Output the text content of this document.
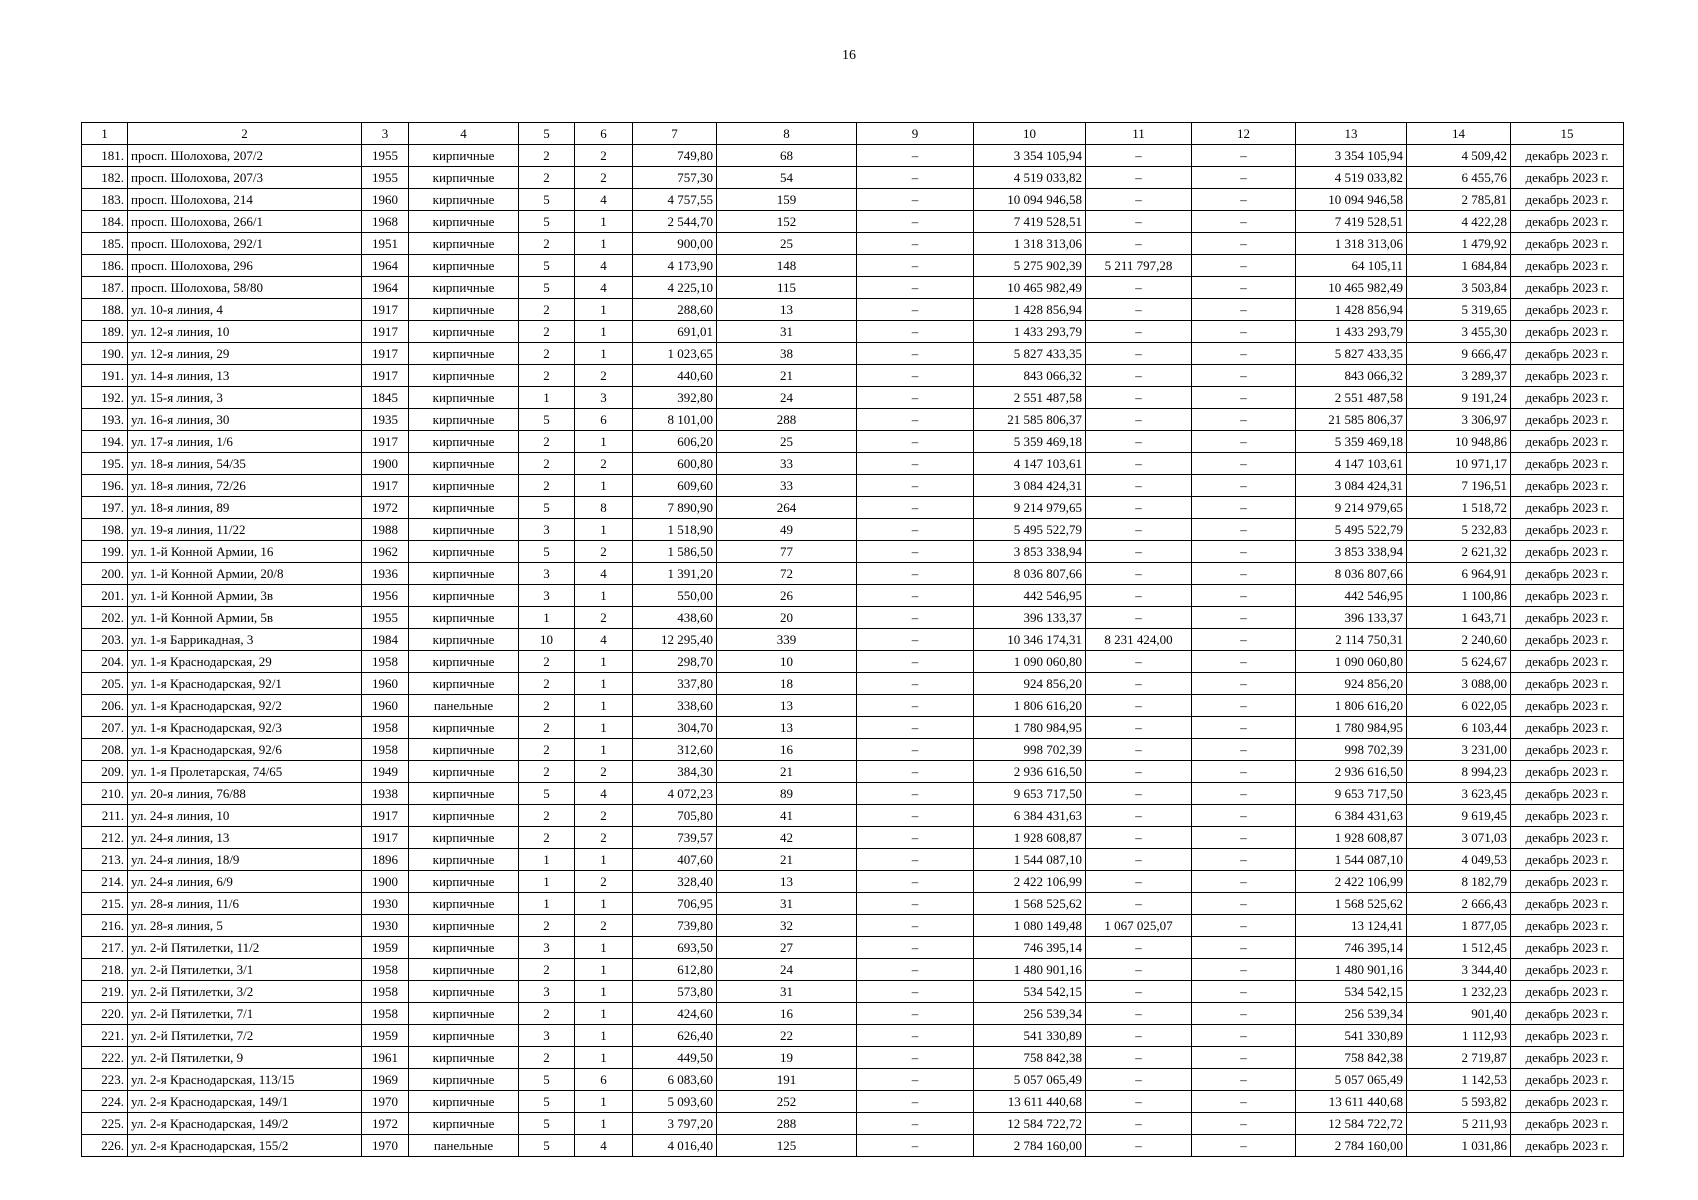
16
1	2	3	4	5	6	7	8	9	10	11	12	13	14	15
181.	просп. Шолохова, 207/2	1955	кирпичные	2	2	749,80	68	–	3 354 105,94	–	–	3 354 105,94	4 509,42	декабрь 2023 г.
182.	просп. Шолохова, 207/3	1955	кирпичные	2	2	757,30	54	–	4 519 033,82	–	–	4 519 033,82	6 455,76	декабрь 2023 г.
183.	просп. Шолохова, 214	1960	кирпичные	5	4	4 757,55	159	–	10 094 946,58	–	–	10 094 946,58	2 785,81	декабрь 2023 г.
184.	просп. Шолохова, 266/1	1968	кирпичные	5	1	2 544,70	152	–	7 419 528,51	–	–	7 419 528,51	4 422,28	декабрь 2023 г.
185.	просп. Шолохова, 292/1	1951	кирпичные	2	1	900,00	25	–	1 318 313,06	–	–	1 318 313,06	1 479,92	декабрь 2023 г.
186.	просп. Шолохова, 296	1964	кирпичные	5	4	4 173,90	148	–	5 275 902,39	5 211 797,28	–	64 105,11	1 684,84	декабрь 2023 г.
187.	просп. Шолохова, 58/80	1964	кирпичные	5	4	4 225,10	115	–	10 465 982,49	–	–	10 465 982,49	3 503,84	декабрь 2023 г.
188.	ул. 10-я линия, 4	1917	кирпичные	2	1	288,60	13	–	1 428 856,94	–	–	1 428 856,94	5 319,65	декабрь 2023 г.
189.	ул. 12-я линия, 10	1917	кирпичные	2	1	691,01	31	–	1 433 293,79	–	–	1 433 293,79	3 455,30	декабрь 2023 г.
190.	ул. 12-я линия, 29	1917	кирпичные	2	1	1 023,65	38	–	5 827 433,35	–	–	5 827 433,35	9 666,47	декабрь 2023 г.
191.	ул. 14-я линия, 13	1917	кирпичные	2	2	440,60	21	–	843 066,32	–	–	843 066,32	3 289,37	декабрь 2023 г.
192.	ул. 15-я линия, 3	1845	кирпичные	1	3	392,80	24	–	2 551 487,58	–	–	2 551 487,58	9 191,24	декабрь 2023 г.
193.	ул. 16-я линия, 30	1935	кирпичные	5	6	8 101,00	288	–	21 585 806,37	–	–	21 585 806,37	3 306,97	декабрь 2023 г.
194.	ул. 17-я линия, 1/6	1917	кирпичные	2	1	606,20	25	–	5 359 469,18	–	–	5 359 469,18	10 948,86	декабрь 2023 г.
195.	ул. 18-я линия, 54/35	1900	кирпичные	2	2	600,80	33	–	4 147 103,61	–	–	4 147 103,61	10 971,17	декабрь 2023 г.
196.	ул. 18-я линия, 72/26	1917	кирпичные	2	1	609,60	33	–	3 084 424,31	–	–	3 084 424,31	7 196,51	декабрь 2023 г.
197.	ул. 18-я линия, 89	1972	кирпичные	5	8	7 890,90	264	–	9 214 979,65	–	–	9 214 979,65	1 518,72	декабрь 2023 г.
198.	ул. 19-я линия, 11/22	1988	кирпичные	3	1	1 518,90	49	–	5 495 522,79	–	–	5 495 522,79	5 232,83	декабрь 2023 г.
199.	ул. 1-й Конной Армии, 16	1962	кирпичные	5	2	1 586,50	77	–	3 853 338,94	–	–	3 853 338,94	2 621,32	декабрь 2023 г.
200.	ул. 1-й Конной Армии, 20/8	1936	кирпичные	3	4	1 391,20	72	–	8 036 807,66	–	–	8 036 807,66	6 964,91	декабрь 2023 г.
201.	ул. 1-й Конной Армии, 3в	1956	кирпичные	3	1	550,00	26	–	442 546,95	–	–	442 546,95	1 100,86	декабрь 2023 г.
202.	ул. 1-й Конной Армии, 5в	1955	кирпичные	1	2	438,60	20	–	396 133,37	–	–	396 133,37	1 643,71	декабрь 2023 г.
203.	ул. 1-я Баррикадная, 3	1984	кирпичные	10	4	12 295,40	339	–	10 346 174,31	8 231 424,00	–	2 114 750,31	2 240,60	декабрь 2023 г.
204.	ул. 1-я Краснодарская, 29	1958	кирпичные	2	1	298,70	10	–	1 090 060,80	–	–	1 090 060,80	5 624,67	декабрь 2023 г.
205.	ул. 1-я Краснодарская, 92/1	1960	кирпичные	2	1	337,80	18	–	924 856,20	–	–	924 856,20	3 088,00	декабрь 2023 г.
206.	ул. 1-я Краснодарская, 92/2	1960	панельные	2	1	338,60	13	–	1 806 616,20	–	–	1 806 616,20	6 022,05	декабрь 2023 г.
207.	ул. 1-я Краснодарская, 92/3	1958	кирпичные	2	1	304,70	13	–	1 780 984,95	–	–	1 780 984,95	6 103,44	декабрь 2023 г.
208.	ул. 1-я Краснодарская, 92/6	1958	кирпичные	2	1	312,60	16	–	998 702,39	–	–	998 702,39	3 231,00	декабрь 2023 г.
209.	ул. 1-я Пролетарская, 74/65	1949	кирпичные	2	2	384,30	21	–	2 936 616,50	–	–	2 936 616,50	8 994,23	декабрь 2023 г.
210.	ул. 20-я линия, 76/88	1938	кирпичные	5	4	4 072,23	89	–	9 653 717,50	–	–	9 653 717,50	3 623,45	декабрь 2023 г.
211.	ул. 24-я линия, 10	1917	кирпичные	2	2	705,80	41	–	6 384 431,63	–	–	6 384 431,63	9 619,45	декабрь 2023 г.
212.	ул. 24-я линия, 13	1917	кирпичные	2	2	739,57	42	–	1 928 608,87	–	–	1 928 608,87	3 071,03	декабрь 2023 г.
213.	ул. 24-я линия, 18/9	1896	кирпичные	1	1	407,60	21	–	1 544 087,10	–	–	1 544 087,10	4 049,53	декабрь 2023 г.
214.	ул. 24-я линия, 6/9	1900	кирпичные	1	2	328,40	13	–	2 422 106,99	–	–	2 422 106,99	8 182,79	декабрь 2023 г.
215.	ул. 28-я линия, 11/6	1930	кирпичные	1	1	706,95	31	–	1 568 525,62	–	–	1 568 525,62	2 666,43	декабрь 2023 г.
216.	ул. 28-я линия, 5	1930	кирпичные	2	2	739,80	32	–	1 080 149,48	1 067 025,07	–	13 124,41	1 877,05	декабрь 2023 г.
217.	ул. 2-й Пятилетки, 11/2	1959	кирпичные	3	1	693,50	27	–	746 395,14	–	–	746 395,14	1 512,45	декабрь 2023 г.
218.	ул. 2-й Пятилетки, 3/1	1958	кирпичные	2	1	612,80	24	–	1 480 901,16	–	–	1 480 901,16	3 344,40	декабрь 2023 г.
219.	ул. 2-й Пятилетки, 3/2	1958	кирпичные	3	1	573,80	31	–	534 542,15	–	–	534 542,15	1 232,23	декабрь 2023 г.
220.	ул. 2-й Пятилетки, 7/1	1958	кирпичные	2	1	424,60	16	–	256 539,34	–	–	256 539,34	901,40	декабрь 2023 г.
221.	ул. 2-й Пятилетки, 7/2	1959	кирпичные	3	1	626,40	22	–	541 330,89	–	–	541 330,89	1 112,93	декабрь 2023 г.
222.	ул. 2-й Пятилетки, 9	1961	кирпичные	2	1	449,50	19	–	758 842,38	–	–	758 842,38	2 719,87	декабрь 2023 г.
223.	ул. 2-я Краснодарская, 113/15	1969	кирпичные	5	6	6 083,60	191	–	5 057 065,49	–	–	5 057 065,49	1 142,53	декабрь 2023 г.
224.	ул. 2-я Краснодарская, 149/1	1970	кирпичные	5	1	5 093,60	252	–	13 611 440,68	–	–	13 611 440,68	5 593,82	декабрь 2023 г.
225.	ул. 2-я Краснодарская, 149/2	1972	кирпичные	5	1	3 797,20	288	–	12 584 722,72	–	–	12 584 722,72	5 211,93	декабрь 2023 г.
226.	ул. 2-я Краснодарская, 155/2	1970	панельные	5	4	4 016,40	125	–	2 784 160,00	–	–	2 784 160,00	1 031,86	декабрь 2023 г.
